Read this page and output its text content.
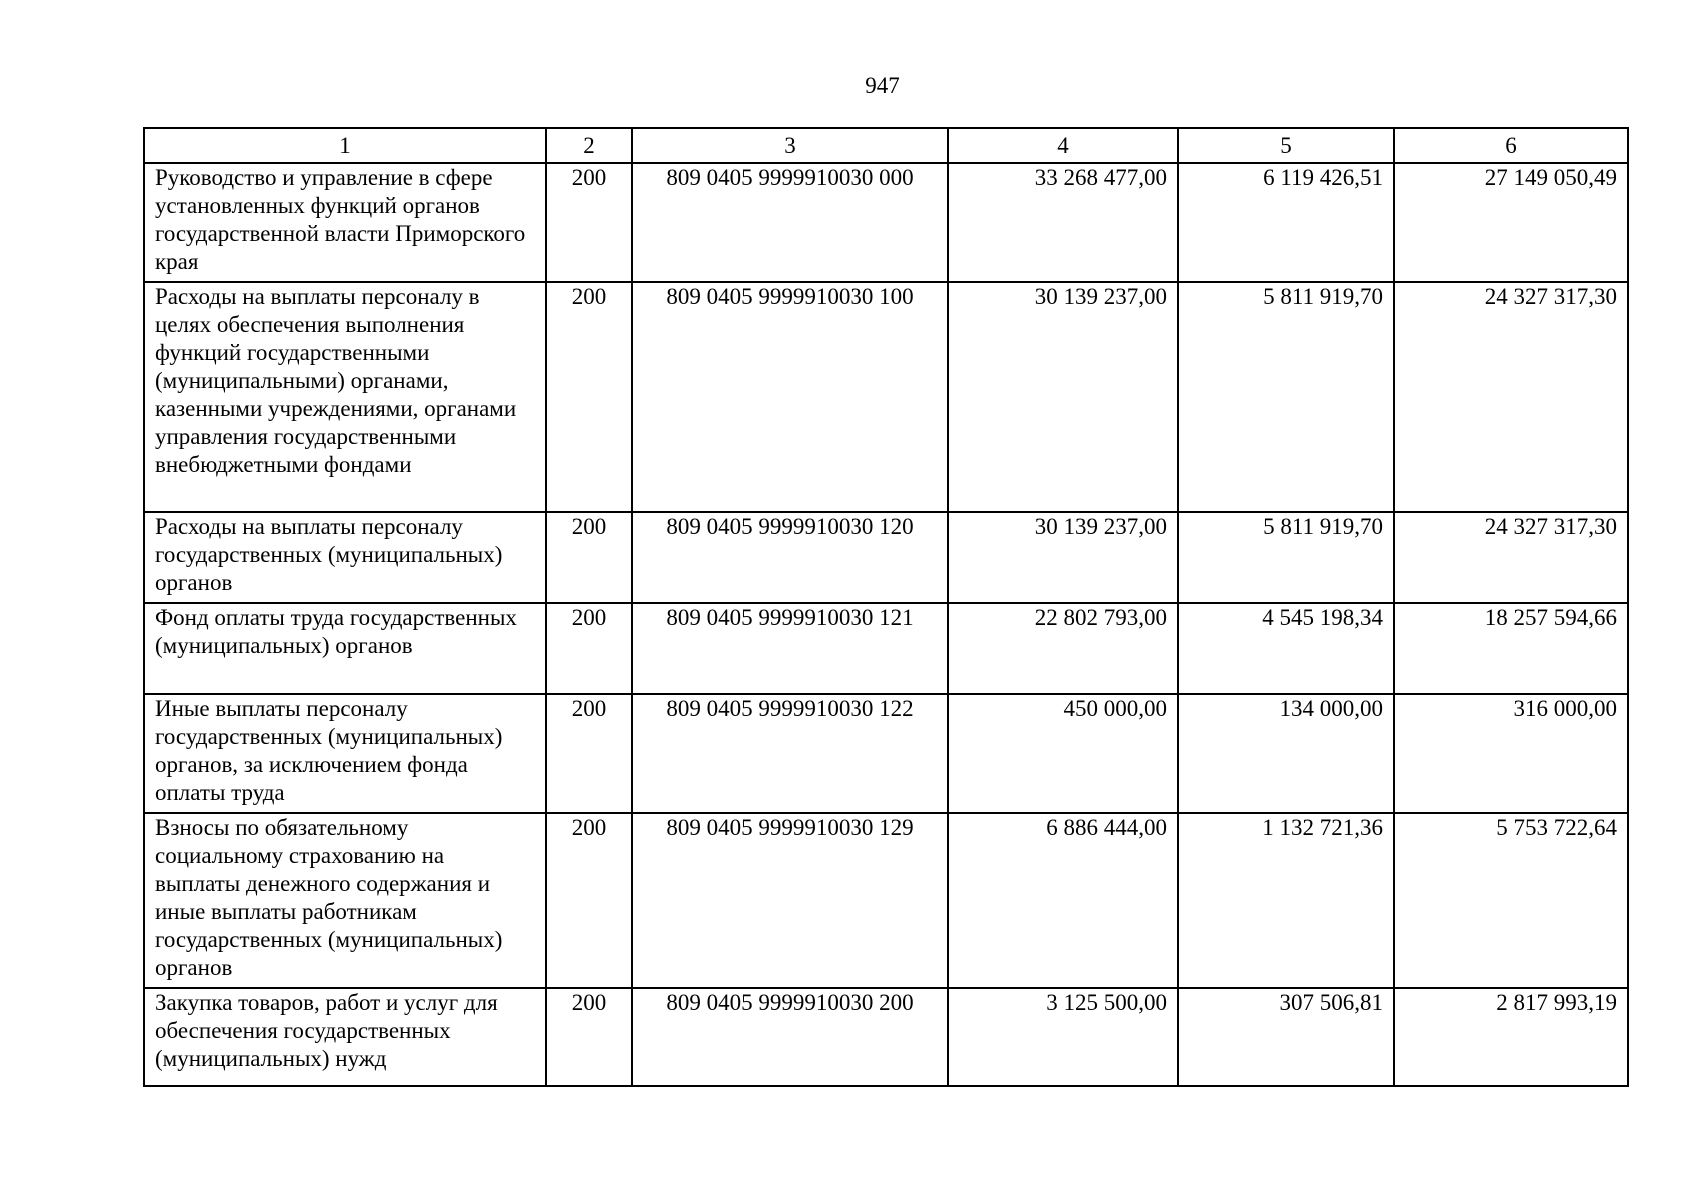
947
1	2	3	4	5	6
Руководство и управление в сфере установленных функций органов государственной власти Приморского края	200	809 0405 9999910030 000	33 268 477,00	6 119 426,51	27 149 050,49
Расходы на выплаты персоналу в целях обеспечения выполнения функций государственными (муниципальными) органами, казенными учреждениями, органами управления государственными внебюджетными фондами	200	809 0405 9999910030 100	30 139 237,00	5 811 919,70	24 327 317,30
Расходы на выплаты персоналу государственных (муниципальных) органов	200	809 0405 9999910030 120	30 139 237,00	5 811 919,70	24 327 317,30
Фонд оплаты труда государственных (муниципальных) органов	200	809 0405 9999910030 121	22 802 793,00	4 545 198,34	18 257 594,66
Иные выплаты персоналу государственных (муниципальных) органов, за исключением фонда оплаты труда	200	809 0405 9999910030 122	450 000,00	134 000,00	316 000,00
Взносы по обязательному социальному страхованию на выплаты денежного содержания и иные выплаты работникам государственных (муниципальных) органов	200	809 0405 9999910030 129	6 886 444,00	1 132 721,36	5 753 722,64
Закупка товаров, работ и услуг для обеспечения государственных (муниципальных) нужд	200	809 0405 9999910030 200	3 125 500,00	307 506,81	2 817 993,19
